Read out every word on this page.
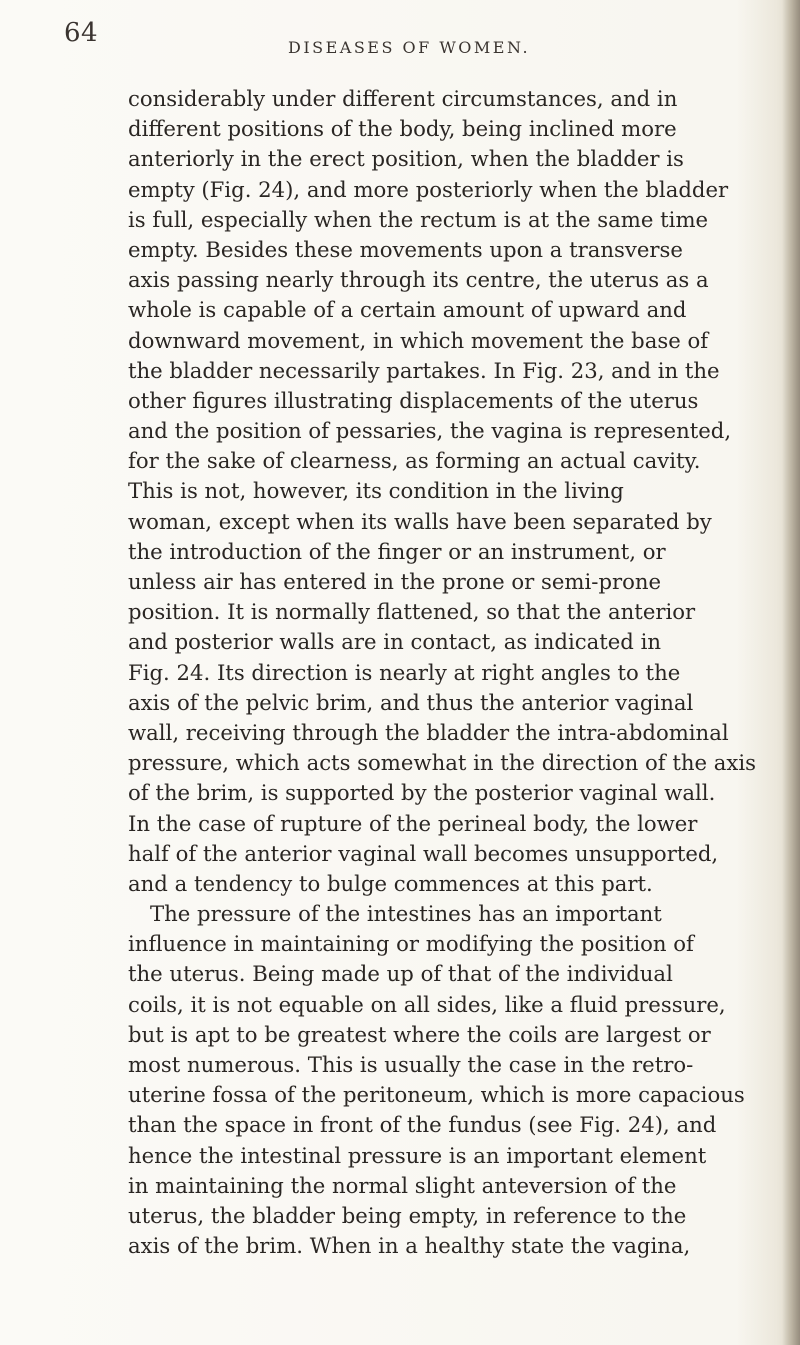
64	DISEASES OF WOMEN.
considerably under different circumstances, and in
different positions of the body, being inclined more
anteriorly in the erect position, when the bladder is
empty (Fig. 24), and more posteriorly when the bladder
is full, especially when the rectum is at the same time
empty. Besides these movements upon a transverse
axis passing nearly through its centre, the uterus as a
whole is capable of a certain amount of upward and
downward movement, in which movement the base of
the bladder necessarily partakes. In Fig. 23, and in the
other figures illustrating displacements of the uterus
and the position of pessaries, the vagina is represented,
for the sake of clearness, as forming an actual cavity.
This is not, however, its condition in the living
woman, except when its walls have been separated by
the introduction of the finger or an instrument, or
unless air has entered in the prone or semi-prone
position. It is normally flattened, so that the anterior
and posterior walls are in contact, as indicated in
Fig. 24. Its direction is nearly at right angles to the
axis of the pelvic brim, and thus the anterior vaginal
wall, receiving through the bladder the intra-abdominal
pressure, which acts somewhat in the direction of the axis
of the brim, is supported by the posterior vaginal wall.
In the case of rupture of the perineal body, the lower
half of the anterior vaginal wall becomes unsupported,
and a tendency to bulge commences at this part.
The pressure of the intestines has an important
influence in maintaining or modifying the position of
the uterus. Being made up of that of the individual
coils, it is not equable on all sides, like a fluid pressure,
but is apt to be greatest where the coils are largest or
most numerous. This is usually the case in the retro-
uterine fossa of the peritoneum, which is more capacious
than the space in front of the fundus (see Fig. 24), and
hence the intestinal pressure is an important element
in maintaining the normal slight anteversion of the
uterus, the bladder being empty, in reference to the
axis of the brim. When in a healthy state the vagina,
